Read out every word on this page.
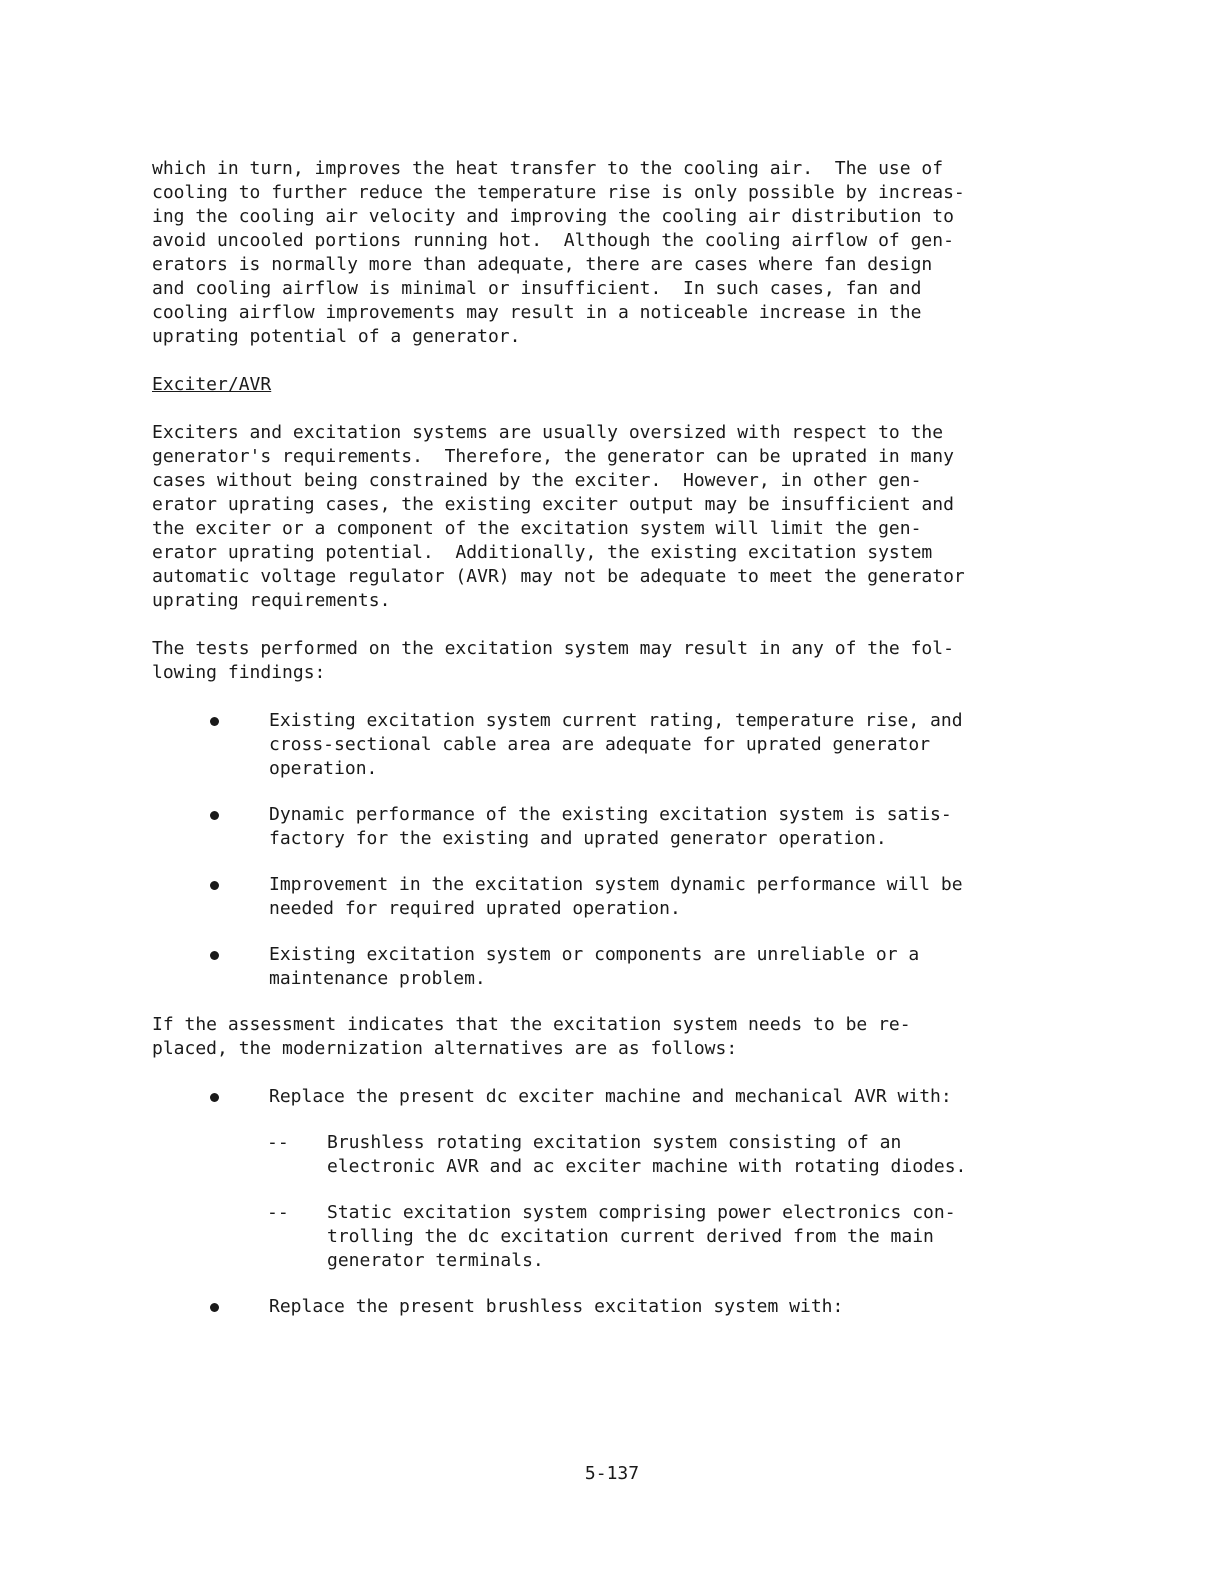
which in turn, improves the heat transfer to the cooling air.  The use of
cooling to further reduce the temperature rise is only possible by increas-
ing the cooling air velocity and improving the cooling air distribution to
avoid uncooled portions running hot.  Although the cooling airflow of gen-
erators is normally more than adequate, there are cases where fan design
and cooling airflow is minimal or insufficient.  In such cases, fan and
cooling airflow improvements may result in a noticeable increase in the
uprating potential of a generator.
Exciter/AVR
Exciters and excitation systems are usually oversized with respect to the
generator's requirements.  Therefore, the generator can be uprated in many
cases without being constrained by the exciter.  However, in other gen-
erator uprating cases, the existing exciter output may be insufficient and
the exciter or a component of the excitation system will limit the gen-
erator uprating potential.  Additionally, the existing excitation system
automatic voltage regulator (AVR) may not be adequate to meet the generator
uprating requirements.
The tests performed on the excitation system may result in any of the fol-
lowing findings:
Existing excitation system current rating, temperature rise, and
cross-sectional cable area are adequate for uprated generator
operation.
Dynamic performance of the existing excitation system is satis-
factory for the existing and uprated generator operation.
Improvement in the excitation system dynamic performance will be
needed for required uprated operation.
Existing excitation system or components are unreliable or a
maintenance problem.
If the assessment indicates that the excitation system needs to be re-
placed, the modernization alternatives are as follows:
Replace the present dc exciter machine and mechanical AVR with:
-- Brushless rotating excitation system consisting of an
electronic AVR and ac exciter machine with rotating diodes.
-- Static excitation system comprising power electronics con-
trolling the dc excitation current derived from the main
generator terminals.
Replace the present brushless excitation system with:
5-137
